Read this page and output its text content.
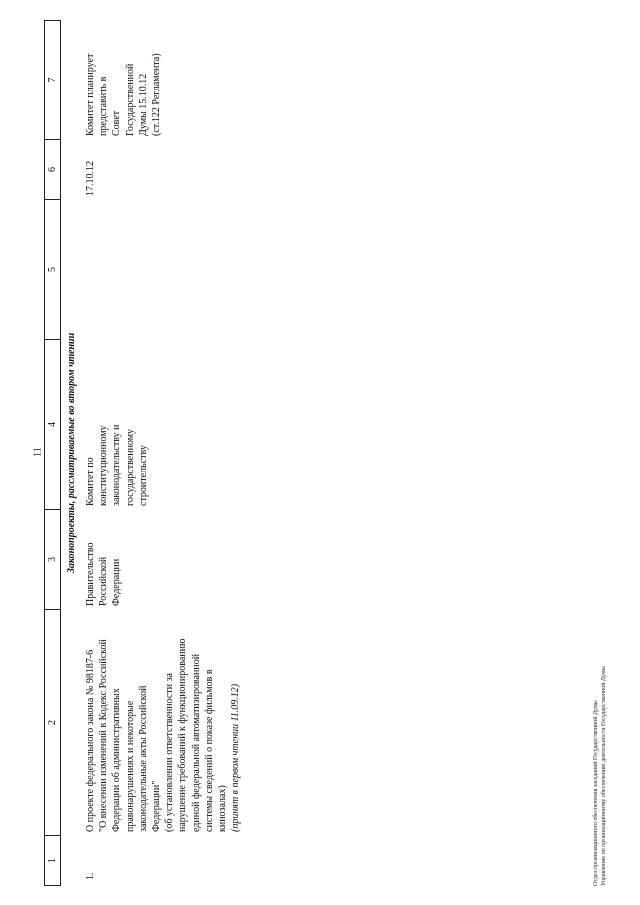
11
1
2
3
4
5
6
7
Законопроекты, рассматриваемые во втором чтении
1.
О проекте федерального закона № 98187-6 "О внесении изменений в Кодекс Российской Федерации об административных правонарушениях и некоторые законодательные акты Российской Федерации" (об установлении ответственности за нарушение требований к функционированию единой федеральной автоматизированной системы сведений о показе фильмов в кинозалах) (принят в первом чтении 11.09.12)
Правительство Российской Федерации
Комитет по конституционному законодательству и государственному строительству
17.10.12
Комитет планирует представить в Совет Государственной Думы 15.10.12 (ст.122 Регламента)
Отдел организационного обеспечения заседаний Государственной Думы Управление по организационному обеспечению деятельности Государственной Думы
